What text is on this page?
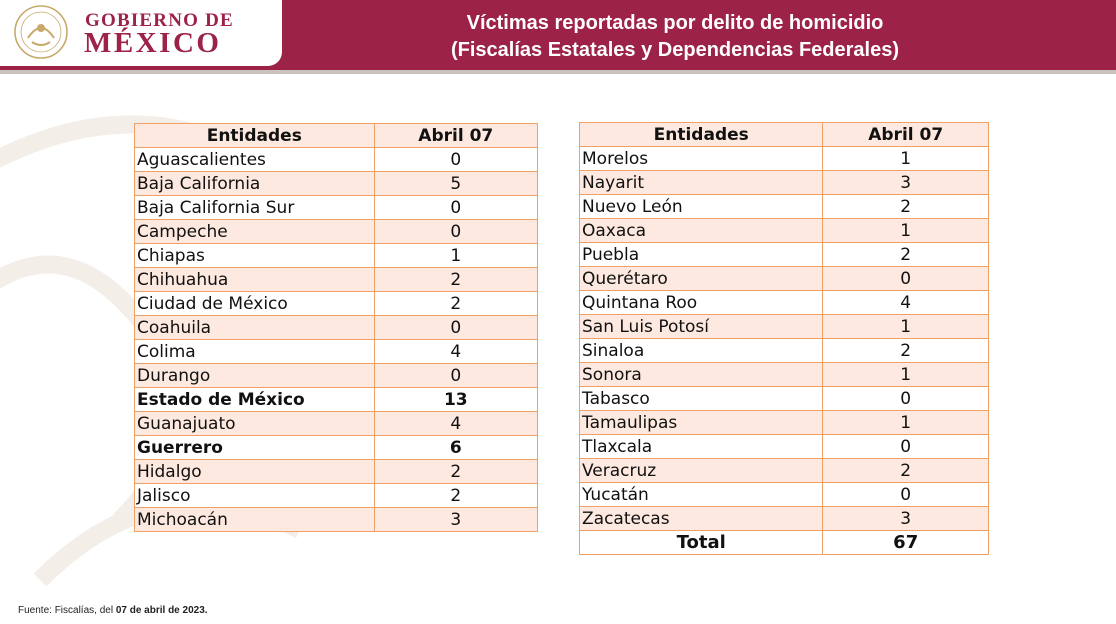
GOBIERNO DE
MÉXICO
Víctimas reportadas por delito de homicidio
(Fiscalías Estatales y Dependencias Federales)
Entidades	Abril 07
Aguascalientes	0
Baja California	5
Baja California Sur	0
Campeche	0
Chiapas	1
Chihuahua	2
Ciudad de México	2
Coahuila	0
Colima	4
Durango	0
Estado de México	13
Guanajuato	4
Guerrero	6
Hidalgo	2
Jalisco	2
Michoacán	3
Entidades	Abril 07
Morelos	1
Nayarit	3
Nuevo León	2
Oaxaca	1
Puebla	2
Querétaro	0
Quintana Roo	4
San Luis Potosí	1
Sinaloa	2
Sonora	1
Tabasco	0
Tamaulipas	1
Tlaxcala	0
Veracruz	2
Yucatán	0
Zacatecas	3
Total	67
Fuente: Fiscalías, del 07 de abril de 2023.
